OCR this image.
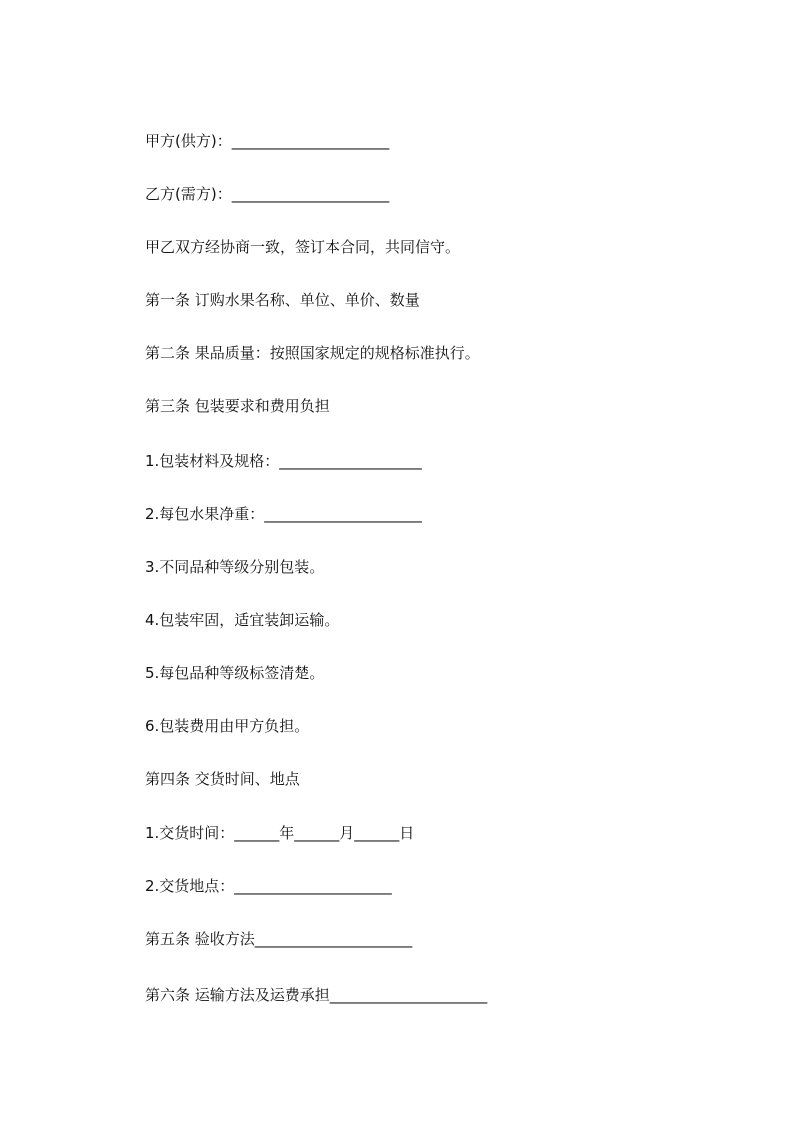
甲方(供方)：_____________________
乙方(需方)：_____________________
甲乙双方经协商一致，签订本合同，共同信守。
第一条 订购水果名称、单位、单价、数量
第二条 果品质量：按照国家规定的规格标准执行。
第三条 包装要求和费用负担
1.包装材料及规格：___________________
2.每包水果净重：_____________________
3.不同品种等级分别包装。
4.包装牢固，适宜装卸运输。
5.每包品种等级标签清楚。
6.包装费用由甲方负担。
第四条 交货时间、地点
1.交货时间：______年______月______日
2.交货地点：_____________________
第五条 验收方法_____________________
第六条 运输方法及运费承担_____________________
